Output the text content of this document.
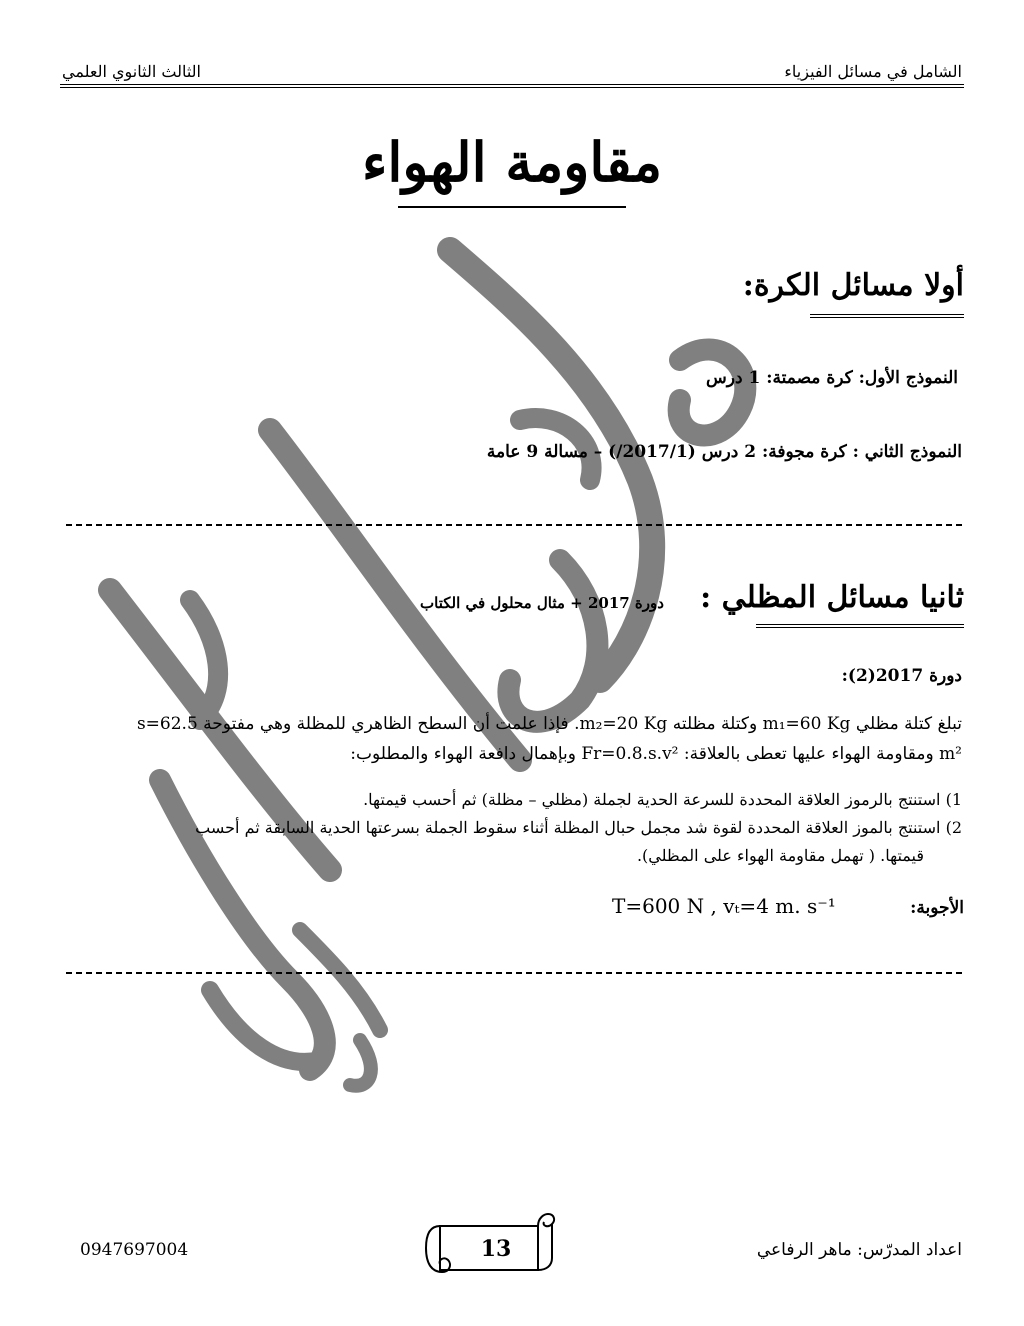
الشامل في مسائل الفيزياء
الثالث الثانوي العلمي
مقاومة الهواء
أولا مسائل الكرة:
النموذج الأول: كرة مصمتة: 1 درس
النموذج الثاني : كرة مجوفة: 2 درس (2017/1/) – مسالة 9 عامة
ثانيا مسائل المظلي :
دورة 2017 + مثال محلول في الكتاب
دورة 2017(2):
تبلغ كتلة مظلي m₁=60 Kg وكتلة مظلته m₂=20 Kg. فإذا علمت أن السطح الظاهري للمظلة وهي مفتوحة s=62.5
m² ومقاومة الهواء عليها تعطى بالعلاقة: Fr=0.8.s.v² وبإهمال دافعة الهواء والمطلوب:
1) استنتج بالرموز العلاقة المحددة للسرعة الحدية لجملة (مظلي – مظلة) ثم أحسب قيمتها.
2) استنتج بالموز العلاقة المحددة لقوة شد مجمل حبال المظلة أثناء سقوط الجملة بسرعتها الحدية السابقة ثم أحسب
قيمتها. ( تهمل مقاومة الهواء على المظلي).
الأجوبة:
T=600 N , vₜ=4 m. s⁻¹
اعداد المدرّس: ماهر الرفاعي
0947697004	13
